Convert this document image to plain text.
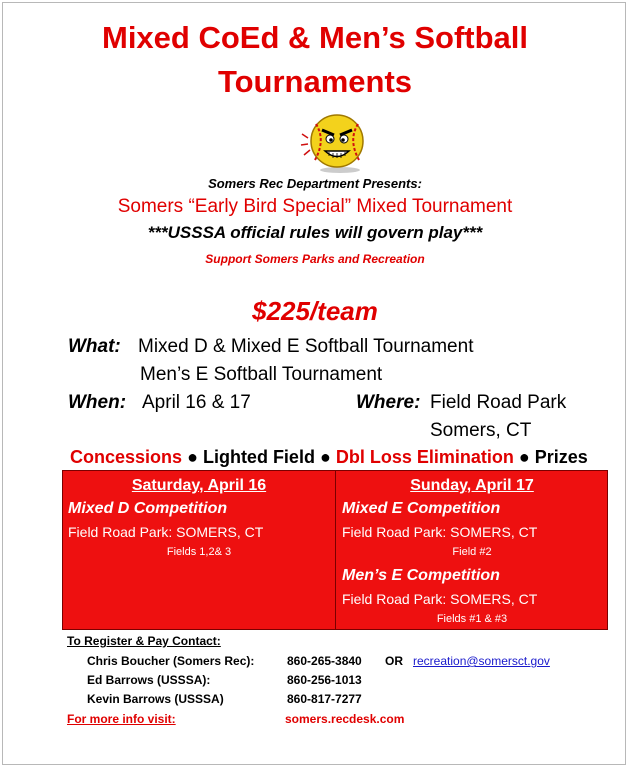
Mixed CoEd & Men’s Softball
Tournaments
Somers Rec Department Presents:
Somers “Early Bird Special” Mixed Tournament
***USSSA official rules will govern play***
Support Somers Parks and Recreation
$225/team
What: Mixed D & Mixed E Softball Tournament
Men’s E Softball Tournament
When: April 16 & 17	Where: Field Road Park
Somers, CT
Concessions ● Lighted Field ● Dbl Loss Elimination ● Prizes
Saturday, April 16
Mixed D Competition
Field Road Park: SOMERS, CT
Fields 1,2& 3
Sunday, April 17
Mixed E Competition
Field Road Park: SOMERS, CT
Field #2
Men’s E Competition
Field Road Park: SOMERS, CT
Fields #1 & #3
To Register & Pay Contact:
Chris Boucher (Somers Rec):	860-265-3840 OR recreation@somersct.gov
Ed Barrows (USSSA):	860-256-1013
Kevin Barrows (USSSA)	860-817-7277
For more info visit:	somers.recdesk.com
